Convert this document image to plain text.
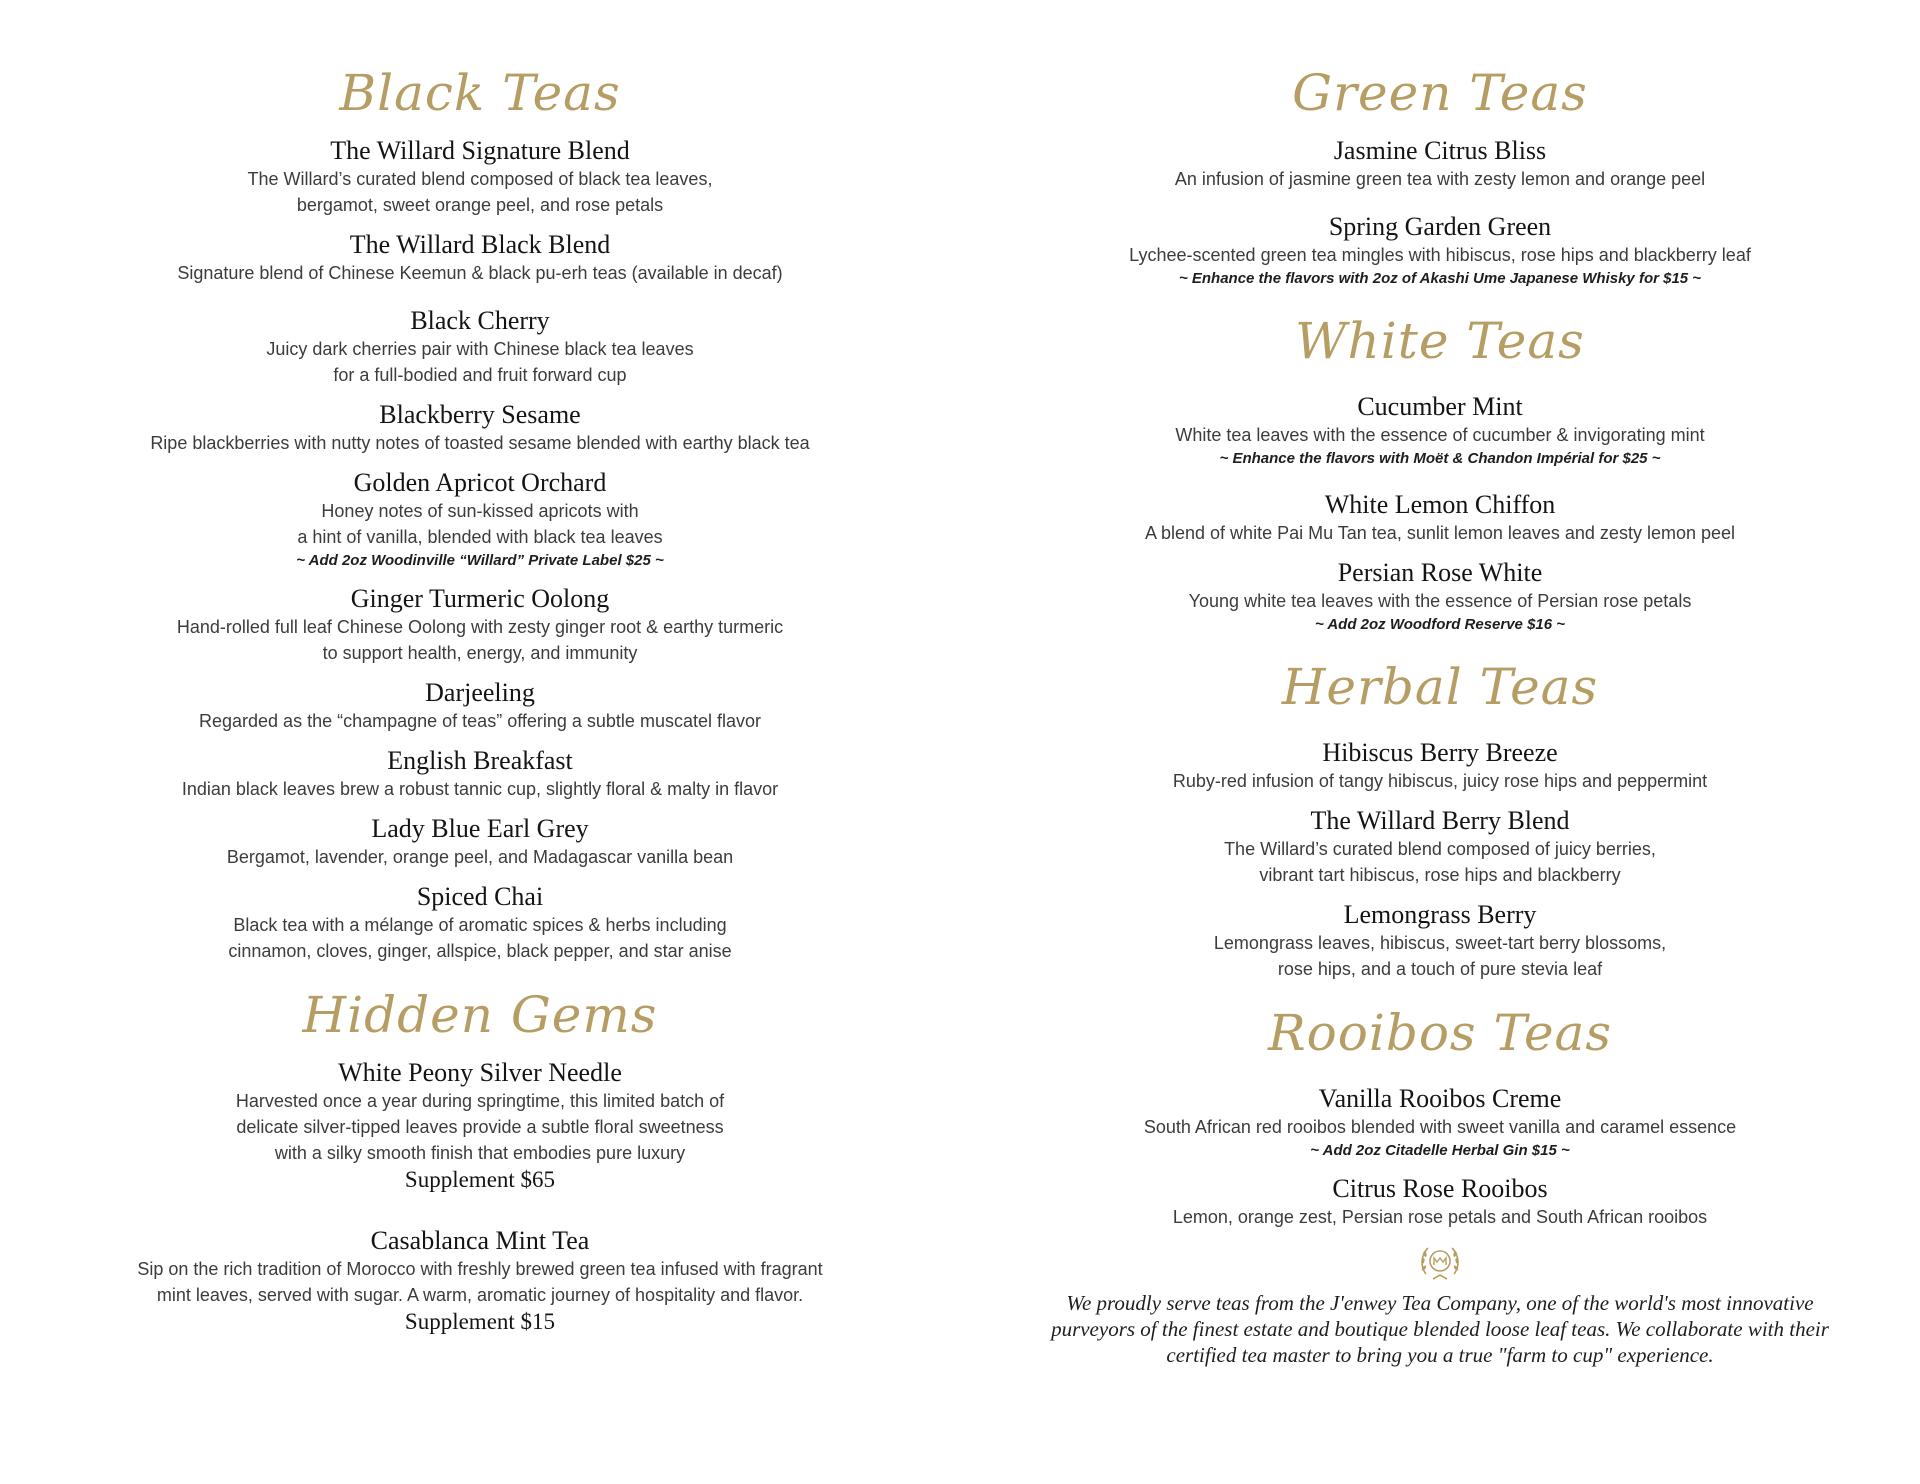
Black Teas
The Willard Signature Blend
The Willard’s curated blend composed of black tea leaves,
bergamot, sweet orange peel, and rose petals
The Willard Black Blend
Signature blend of Chinese Keemun & black pu-erh teas (available in decaf)
Black Cherry
Juicy dark cherries pair with Chinese black tea leaves
for a full-bodied and fruit forward cup
Blackberry Sesame
Ripe blackberries with nutty notes of toasted sesame blended with earthy black tea
Golden Apricot Orchard
Honey notes of sun-kissed apricots with
a hint of vanilla, blended with black tea leaves
~ Add 2oz Woodinville “Willard” Private Label $25 ~
Ginger Turmeric Oolong
Hand-rolled full leaf Chinese Oolong with zesty ginger root & earthy turmeric
to support health, energy, and immunity
Darjeeling
Regarded as the “champagne of teas” offering a subtle muscatel flavor
English Breakfast
Indian black leaves brew a robust tannic cup, slightly floral & malty in flavor
Lady Blue Earl Grey
Bergamot, lavender, orange peel, and Madagascar vanilla bean
Spiced Chai
Black tea with a mélange of aromatic spices & herbs including
cinnamon, cloves, ginger, allspice, black pepper, and star anise
Hidden Gems
White Peony Silver Needle
Harvested once a year during springtime, this limited batch of
delicate silver-tipped leaves provide a subtle floral sweetness
with a silky smooth finish that embodies pure luxury
Supplement $65
Casablanca Mint Tea
Sip on the rich tradition of Morocco with freshly brewed green tea infused with fragrant
mint leaves, served with sugar. A warm, aromatic journey of hospitality and flavor.
Supplement $15
Green Teas
Jasmine Citrus Bliss
An infusion of jasmine green tea with zesty lemon and orange peel
Spring Garden Green
Lychee-scented green tea mingles with hibiscus, rose hips and blackberry leaf
~ Enhance the flavors with 2oz of Akashi Ume Japanese Whisky for $15 ~
White Teas
Cucumber Mint
White tea leaves with the essence of cucumber & invigorating mint
~ Enhance the flavors with Moët & Chandon Impérial for $25 ~
White Lemon Chiffon
A blend of white Pai Mu Tan tea, sunlit lemon leaves and zesty lemon peel
Persian Rose White
Young white tea leaves with the essence of Persian rose petals
~ Add 2oz Woodford Reserve $16 ~
Herbal Teas
Hibiscus Berry Breeze
Ruby-red infusion of tangy hibiscus, juicy rose hips and peppermint
The Willard Berry Blend
The Willard’s curated blend composed of juicy berries,
vibrant tart hibiscus, rose hips and blackberry
Lemongrass Berry
Lemongrass leaves, hibiscus, sweet-tart berry blossoms,
rose hips, and a touch of pure stevia leaf
Rooibos Teas
Vanilla Rooibos Creme
South African red rooibos blended with sweet vanilla and caramel essence
~ Add 2oz Citadelle Herbal Gin $15 ~
Citrus Rose Rooibos
Lemon, orange zest, Persian rose petals and South African rooibos
We proudly serve teas from the J'enwey Tea Company, one of the world's most innovative
purveyors of the finest estate and boutique blended loose leaf teas. We collaborate with their
certified tea master to bring you a true "farm to cup" experience.
